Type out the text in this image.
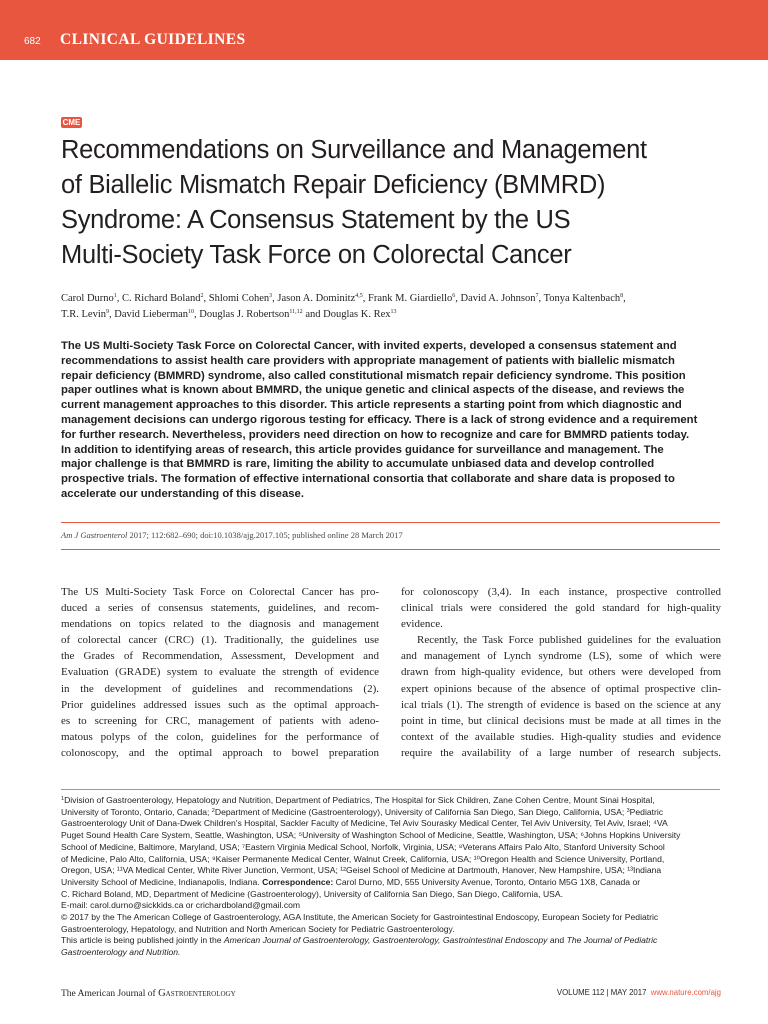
682 CLINICAL GUIDELINES
CME
Recommendations on Surveillance and Management
of Biallelic Mismatch Repair Deficiency (BMMRD)
Syndrome: A Consensus Statement by the US
Multi-Society Task Force on Colorectal Cancer
Carol Durno$^1$, C. Richard Boland$^2$, Shlomi Cohen$^3$, Jason A. Dominitz$^{4,5}$, Frank M. Giardiello$^6$, David A. Johnson$^7$, Tonya Kaltenbach$^8$,
T.R. Levin$^9$, David Lieberman$^{10}$, Douglas J. Robertson$^{11,12}$ and Douglas K. Rex$^{13}$
The US Multi-Society Task Force on Colorectal Cancer, with invited experts, developed a consensus statement and
recommendations to assist health care providers with appropriate management of patients with biallelic mismatch
repair deficiency (BMMRD) syndrome, also called constitutional mismatch repair deficiency syndrome. This position
paper outlines what is known about BMMRD, the unique genetic and clinical aspects of the disease, and reviews the
current management approaches to this disorder. This article represents a starting point from which diagnostic and
management decisions can undergo rigorous testing for efficacy. There is a lack of strong evidence and a requirement
for further research. Nevertheless, providers need direction on how to recognize and care for BMMRD patients today.
In addition to identifying areas of research, this article provides guidance for surveillance and management. The
major challenge is that BMMRD is rare, limiting the ability to accumulate unbiased data and develop controlled
prospective trials. The formation of effective international consortia that collaborate and share data is proposed to
accelerate our understanding of this disease.
Am J Gastroenterol 2017; 112:682–690; doi:10.1038/ajg.2017.105; published online 28 March 2017
The US Multi-Society Task Force on Colorectal Cancer has pro-
duced a series of consensus statements, guidelines, and recom-
mendations on topics related to the diagnosis and management
of colorectal cancer (CRC) (1). Traditionally, the guidelines use
the Grades of Recommendation, Assessment, Development and
Evaluation (GRADE) system to evaluate the strength of evidence
in the development of guidelines and recommendations (2).
Prior guidelines addressed issues such as the optimal approach-
es to screening for CRC, management of patients with adeno-
matous polyps of the colon, guidelines for the performance of
colonoscopy, and the optimal approach to bowel preparation
for colonoscopy (3,4). In each instance, prospective controlled
clinical trials were considered the gold standard for high-quality
evidence.
Recently, the Task Force published guidelines for the evaluation
and management of Lynch syndrome (LS), some of which were
drawn from high-quality evidence, but others were developed from
expert opinions because of the absence of optimal prospective clin-
ical trials (1). The strength of evidence is based on the science at any
point in time, but clinical decisions must be made at all times in the
context of the available studies. High-quality studies and evidence
require the availability of a large number of research subjects.
$^1$Division of Gastroenterology, Hepatology and Nutrition, Department of Pediatrics, The Hospital for Sick Children, Zane Cohen Centre, Mount Sinai Hospital,
University of Toronto, Ontario, Canada; $^2$Department of Medicine (Gastroenterology), University of California San Diego, San Diego, California, USA; $^3$Pediatric
Gastroenterology Unit of Dana-Dwek Children's Hospital, Sackler Faculty of Medicine, Tel Aviv Sourasky Medical Center, Tel Aviv University, Tel Aviv, Israel; ⁴VA
Puget Sound Health Care System, Seattle, Washington, USA; ⁵University of Washington School of Medicine, Seattle, Washington, USA; ⁶Johns Hopkins University
School of Medicine, Baltimore, Maryland, USA; ⁷Eastern Virginia Medical School, Norfolk, Virginia, USA; ⁸Veterans Affairs Palo Alto, Stanford University School
of Medicine, Palo Alto, California, USA; ⁹Kaiser Permanente Medical Center, Walnut Creek, California, USA; ¹⁰Oregon Health and Science University, Portland,
Oregon, USA; ¹¹VA Medical Center, White River Junction, Vermont, USA; ¹²Geisel School of Medicine at Dartmouth, Hanover, New Hampshire, USA; ¹³Indiana
University School of Medicine, Indianapolis, Indiana. Correspondence: Carol Durno, MD, 555 University Avenue, Toronto, Ontario M5G 1X8, Canada or
C. Richard Boland, MD, Department of Medicine (Gastroenterology), University of California San Diego, San Diego, California, USA.
E-mail: carol.durno@sickkids.ca or crichardboland@gmail.com
© 2017 by the The American College of Gastroenterology, AGA Institute, the American Society for Gastrointestinal Endoscopy, European Society for Pediatric
Gastroenterology, Hepatology, and Nutrition and North American Society for Pediatric Gastroenterology.
This article is being published jointly in the American Journal of Gastroenterology, Gastroenterology, Gastrointestinal Endoscopy and The Journal of Pediatric
Gastroenterology and Nutrition.
The American Journal of Gastroenterology	VOLUME 112 | MAY 2017 www.nature.com/ajg
